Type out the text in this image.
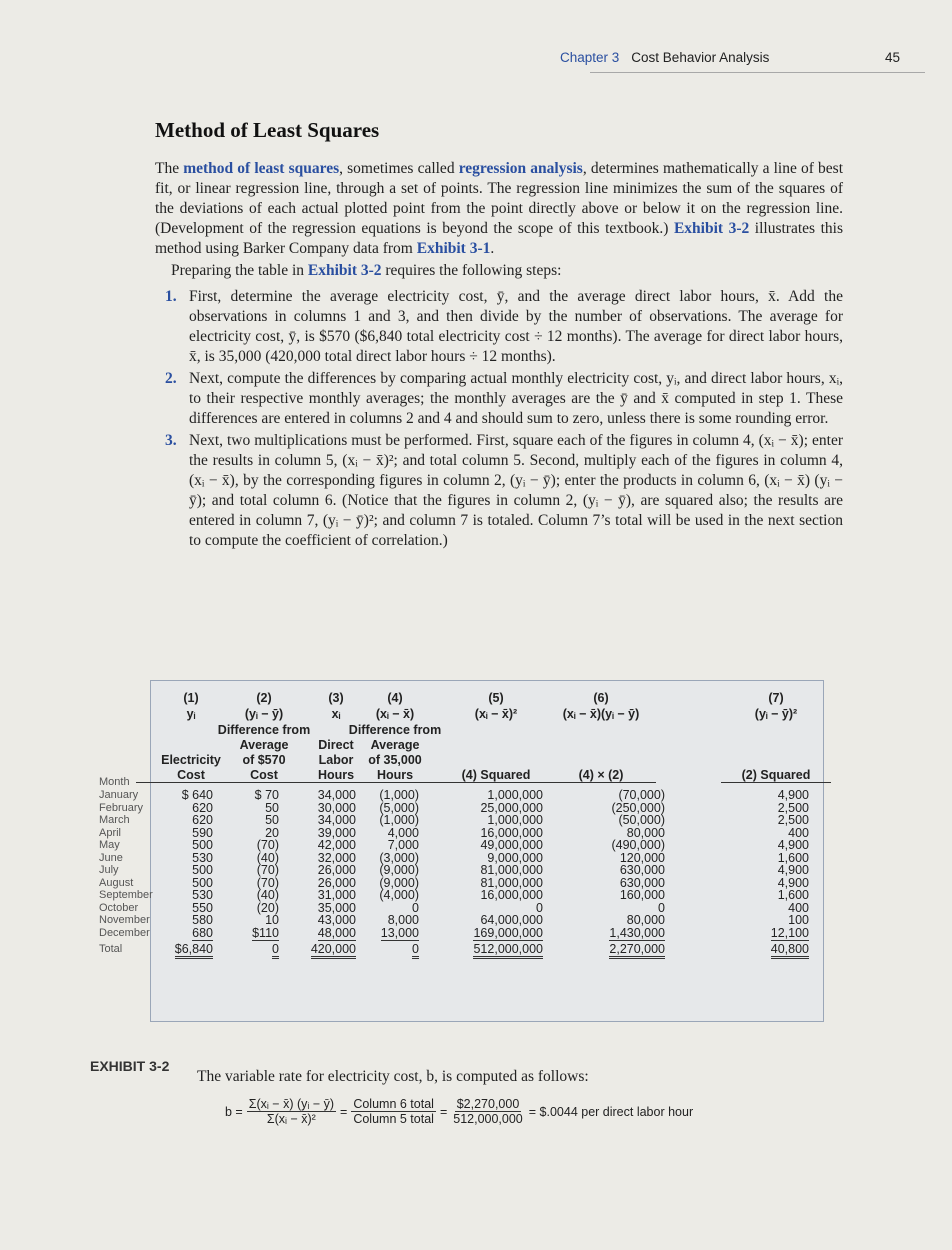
Chapter 3 Cost Behavior Analysis	45
Method of Least Squares

The method of least squares, sometimes called regression analysis, determines mathematically a line of best fit, or linear regression line, through a set of points. The regression line minimizes the sum of the squares of the deviations of each actual plotted point from the point directly above or below it on the regression line. (Development of the regression equations is beyond the scope of this textbook.) Exhibit 3-2 illustrates this method using Barker Company data from Exhibit 3-1.

Preparing the table in Exhibit 3-2 requires the following steps:

1. First, determine the average electricity cost, ȳ, and the average direct labor hours, x̄. Add the observations in columns 1 and 3, and then divide by the number of observations. The average for electricity cost, ȳ, is $570 ($6,840 total electricity cost ÷ 12 months). The average for direct labor hours, x̄, is 35,000 (420,000 total direct labor hours ÷ 12 months).
2. Next, compute the differences by comparing actual monthly electricity cost, yᵢ, and direct labor hours, xᵢ, to their respective monthly averages; the monthly averages are the ȳ and x̄ computed in step 1. These differences are entered in columns 2 and 4 and should sum to zero, unless there is some rounding error.
3. Next, two multiplications must be performed. First, square each of the figures in column 4, (xᵢ − x̄); enter the results in column 5, (xᵢ − x̄)²; and total column 5. Second, multiply each of the figures in column 4, (xᵢ − x̄), by the corresponding figures in column 2, (yᵢ − ȳ); enter the products in column 6, (xᵢ − x̄) (yᵢ − ȳ); and total column 6. (Notice that the figures in column 2, (yᵢ − ȳ), are squared also; the results are entered in column 7, (yᵢ − ȳ)²; and column 7 is totaled. Column 7’s total will be used in the next section to compute the coefficient of correlation.)
Month
January
February
March
April
May
June
July
August
September
October
November
December
Total
(1)
yᵢ
Electricity
Cost
$ 640
620
620
590
500
530
500
500
530
550
580
680
$6,840
(2)
(yᵢ − ȳ)
Difference from
Average
of $570
Cost
$ 70
50
50
20
(70)
(40)
(70)
(70)
(40)
(20)
10
$110
0
(3)
xᵢ
Direct
Labor
Hours
34,000
30,000
34,000
39,000
42,000
32,000
26,000
26,000
31,000
35,000
43,000
48,000
420,000
(4)
(xᵢ − x̄)
Difference from
Average
of 35,000
Hours
(1,000)
(5,000)
(1,000)
4,000
7,000
(3,000)
(9,000)
(9,000)
(4,000)
0
8,000
13,000
0
(5)
(xᵢ − x̄)²
(4) Squared
1,000,000
25,000,000
1,000,000
16,000,000
49,000,000
9,000,000
81,000,000
81,000,000
16,000,000
0
64,000,000
169,000,000
512,000,000
(6)
(xᵢ − x̄)(yᵢ − ȳ)
(4) × (2)
(70,000)
(250,000)
(50,000)
80,000
(490,000)
120,000
630,000
630,000
160,000
0
80,000
1,430,000
2,270,000
(7)
(yᵢ − ȳ)²
(2) Squared
4,900
2,500
2,500
400
4,900
1,600
4,900
4,900
1,600
400
100
12,100
40,800
EXHIBIT 3-2
The variable rate for electricity cost, b, is computed as follows:
$b = \frac{\text{Σ(xᵢ − x̄) (yᵢ − ȳ)}}{\text{Σ(xᵢ − x̄)²}} = \frac{\text{Column 6 total}}{\text{Column 5 total}} = \frac{\$2,270,000}{512,000,000}$ = $.0044 per direct labor hour
